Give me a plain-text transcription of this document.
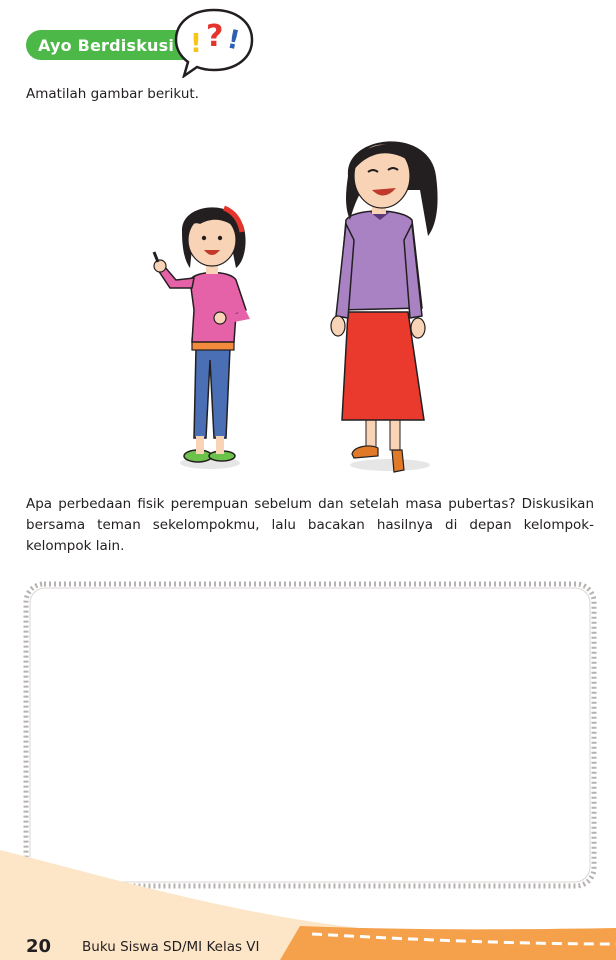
Ayo Berdiskusi ! ? !
Amatilah gambar berikut.
Apa perbedaan fisik perempuan sebelum dan setelah masa pubertas? Diskusikan bersama teman sekelompokmu, lalu bacakan hasilnya di depan kelompok-kelompok lain.
20 Buku Siswa SD/MI Kelas VI
